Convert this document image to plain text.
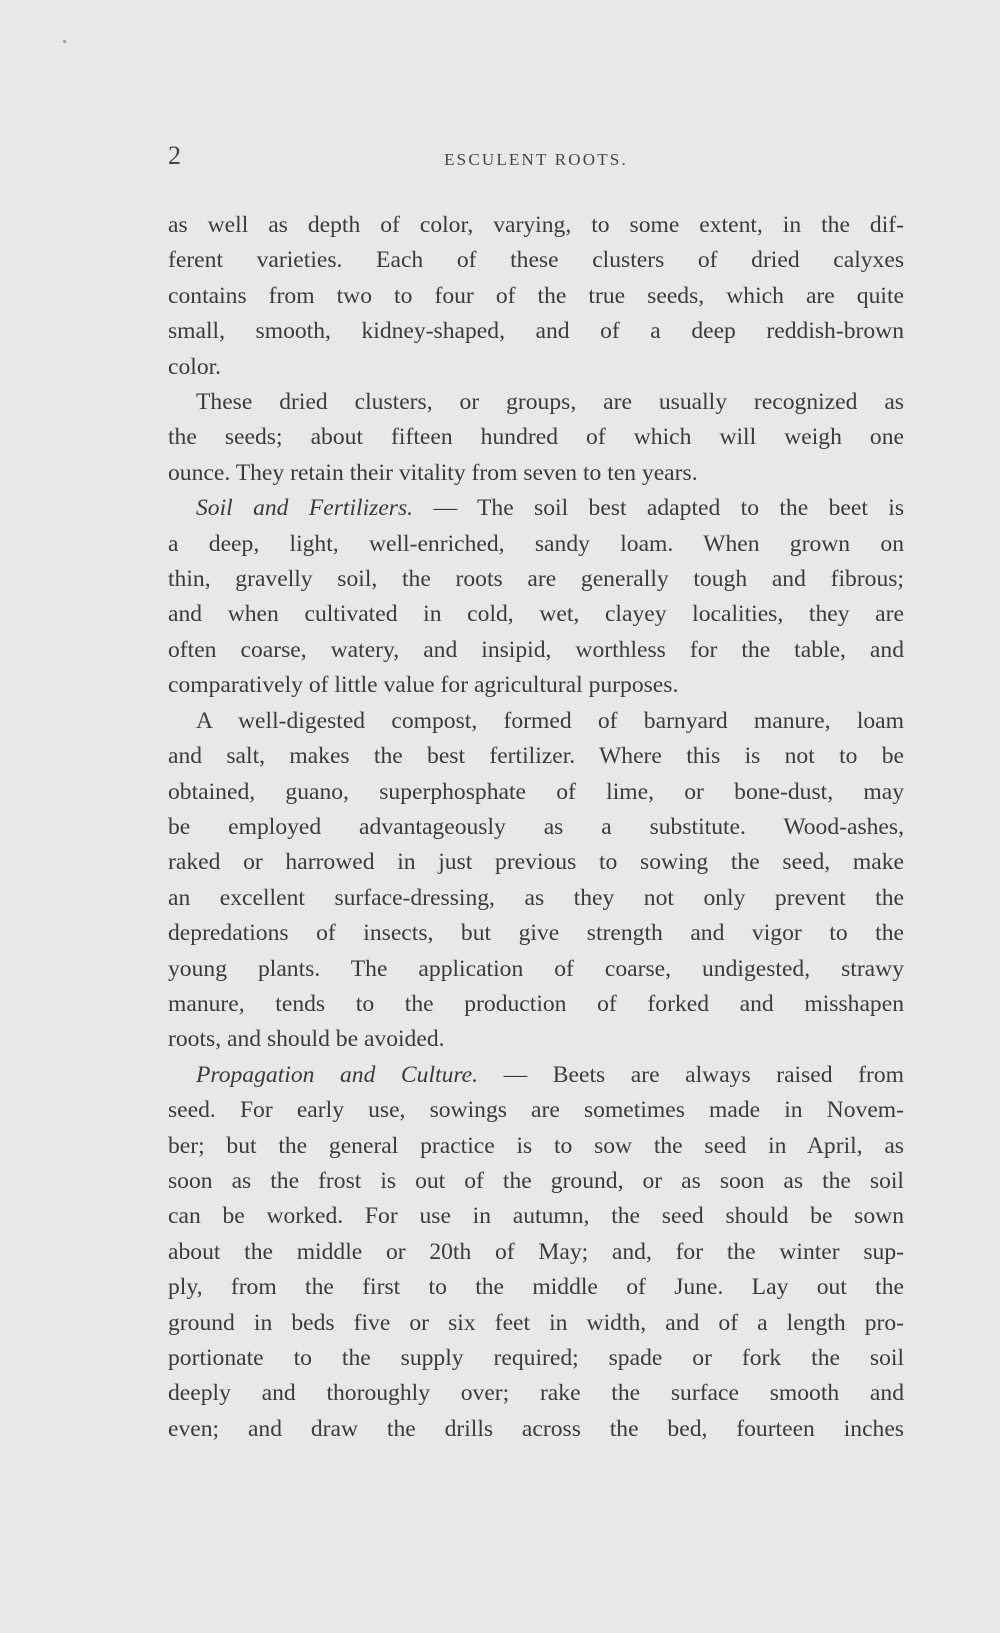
2	ESCULENT ROOTS.

as well as depth of color, varying, to some extent, in the dif-

ferent varieties. Each of these clusters of dried calyxes

contains from two to four of the true seeds, which are quite

small, smooth, kidney-shaped, and of a deep reddish-brown

color.

These dried clusters, or groups, are usually recognized as

the seeds; about fifteen hundred of which will weigh one

ounce. They retain their vitality from seven to ten years.

Soil and Fertilizers. — The soil best adapted to the beet is

a deep, light, well-enriched, sandy loam. When grown on

thin, gravelly soil, the roots are generally tough and fibrous;

and when cultivated in cold, wet, clayey localities, they are

often coarse, watery, and insipid, worthless for the table, and

comparatively of little value for agricultural purposes.

A well-digested compost, formed of barnyard manure, loam

and salt, makes the best fertilizer. Where this is not to be

obtained, guano, superphosphate of lime, or bone-dust, may

be employed advantageously as a substitute. Wood-ashes,

raked or harrowed in just previous to sowing the seed, make

an excellent surface-dressing, as they not only prevent the

depredations of insects, but give strength and vigor to the

young plants. The application of coarse, undigested, strawy

manure, tends to the production of forked and misshapen

roots, and should be avoided.

Propagation and Culture. — Beets are always raised from

seed. For early use, sowings are sometimes made in Novem-

ber; but the general practice is to sow the seed in April, as

soon as the frost is out of the ground, or as soon as the soil

can be worked. For use in autumn, the seed should be sown

about the middle or 20th of May; and, for the winter sup-

ply, from the first to the middle of June. Lay out the

ground in beds five or six feet in width, and of a length pro-

portionate to the supply required; spade or fork the soil

deeply and thoroughly over; rake the surface smooth and

even; and draw the drills across the bed, fourteen inches
